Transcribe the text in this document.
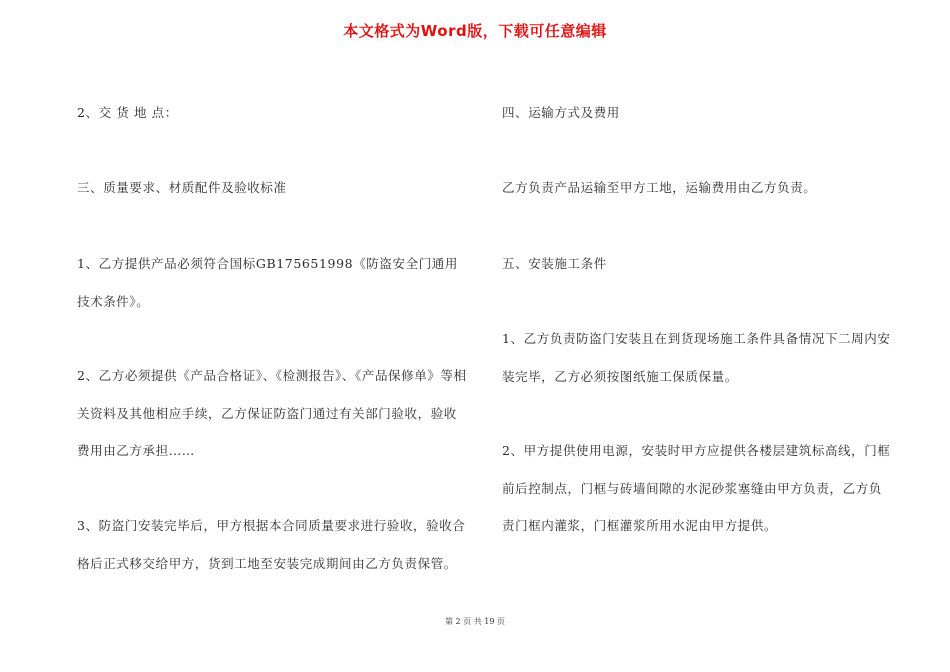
本文格式为Word版，下载可任意编辑

2、交 货 地 点：

三、质量要求、材质配件及验收标准

1、乙方提供产品必须符合国标GB175651998《防盗安全门通用技术条件》。

2、乙方必须提供《产品合格证》、《检测报告》、《产品保修单》等相关资料及其他相应手续，乙方保证防盗门通过有关部门验收，验收费用由乙方承担……

3、防盗门安装完毕后，甲方根据本合同质量要求进行验收，验收合格后正式移交给甲方，货到工地至安装完成期间由乙方负责保管。

四、运输方式及费用

乙方负责产品运输至甲方工地，运输费用由乙方负责。

五、安装施工条件

1、乙方负责防盗门安装且在到货现场施工条件具备情况下二周内安装完毕，乙方必须按图纸施工保质保量。

2、甲方提供使用电源，安装时甲方应提供各楼层建筑标高线，门框前后控制点，门框与砖墙间隙的水泥砂浆塞缝由甲方负责，乙方负责门框内灌浆，门框灌浆所用水泥由甲方提供。

第 2 页 共 19 页
